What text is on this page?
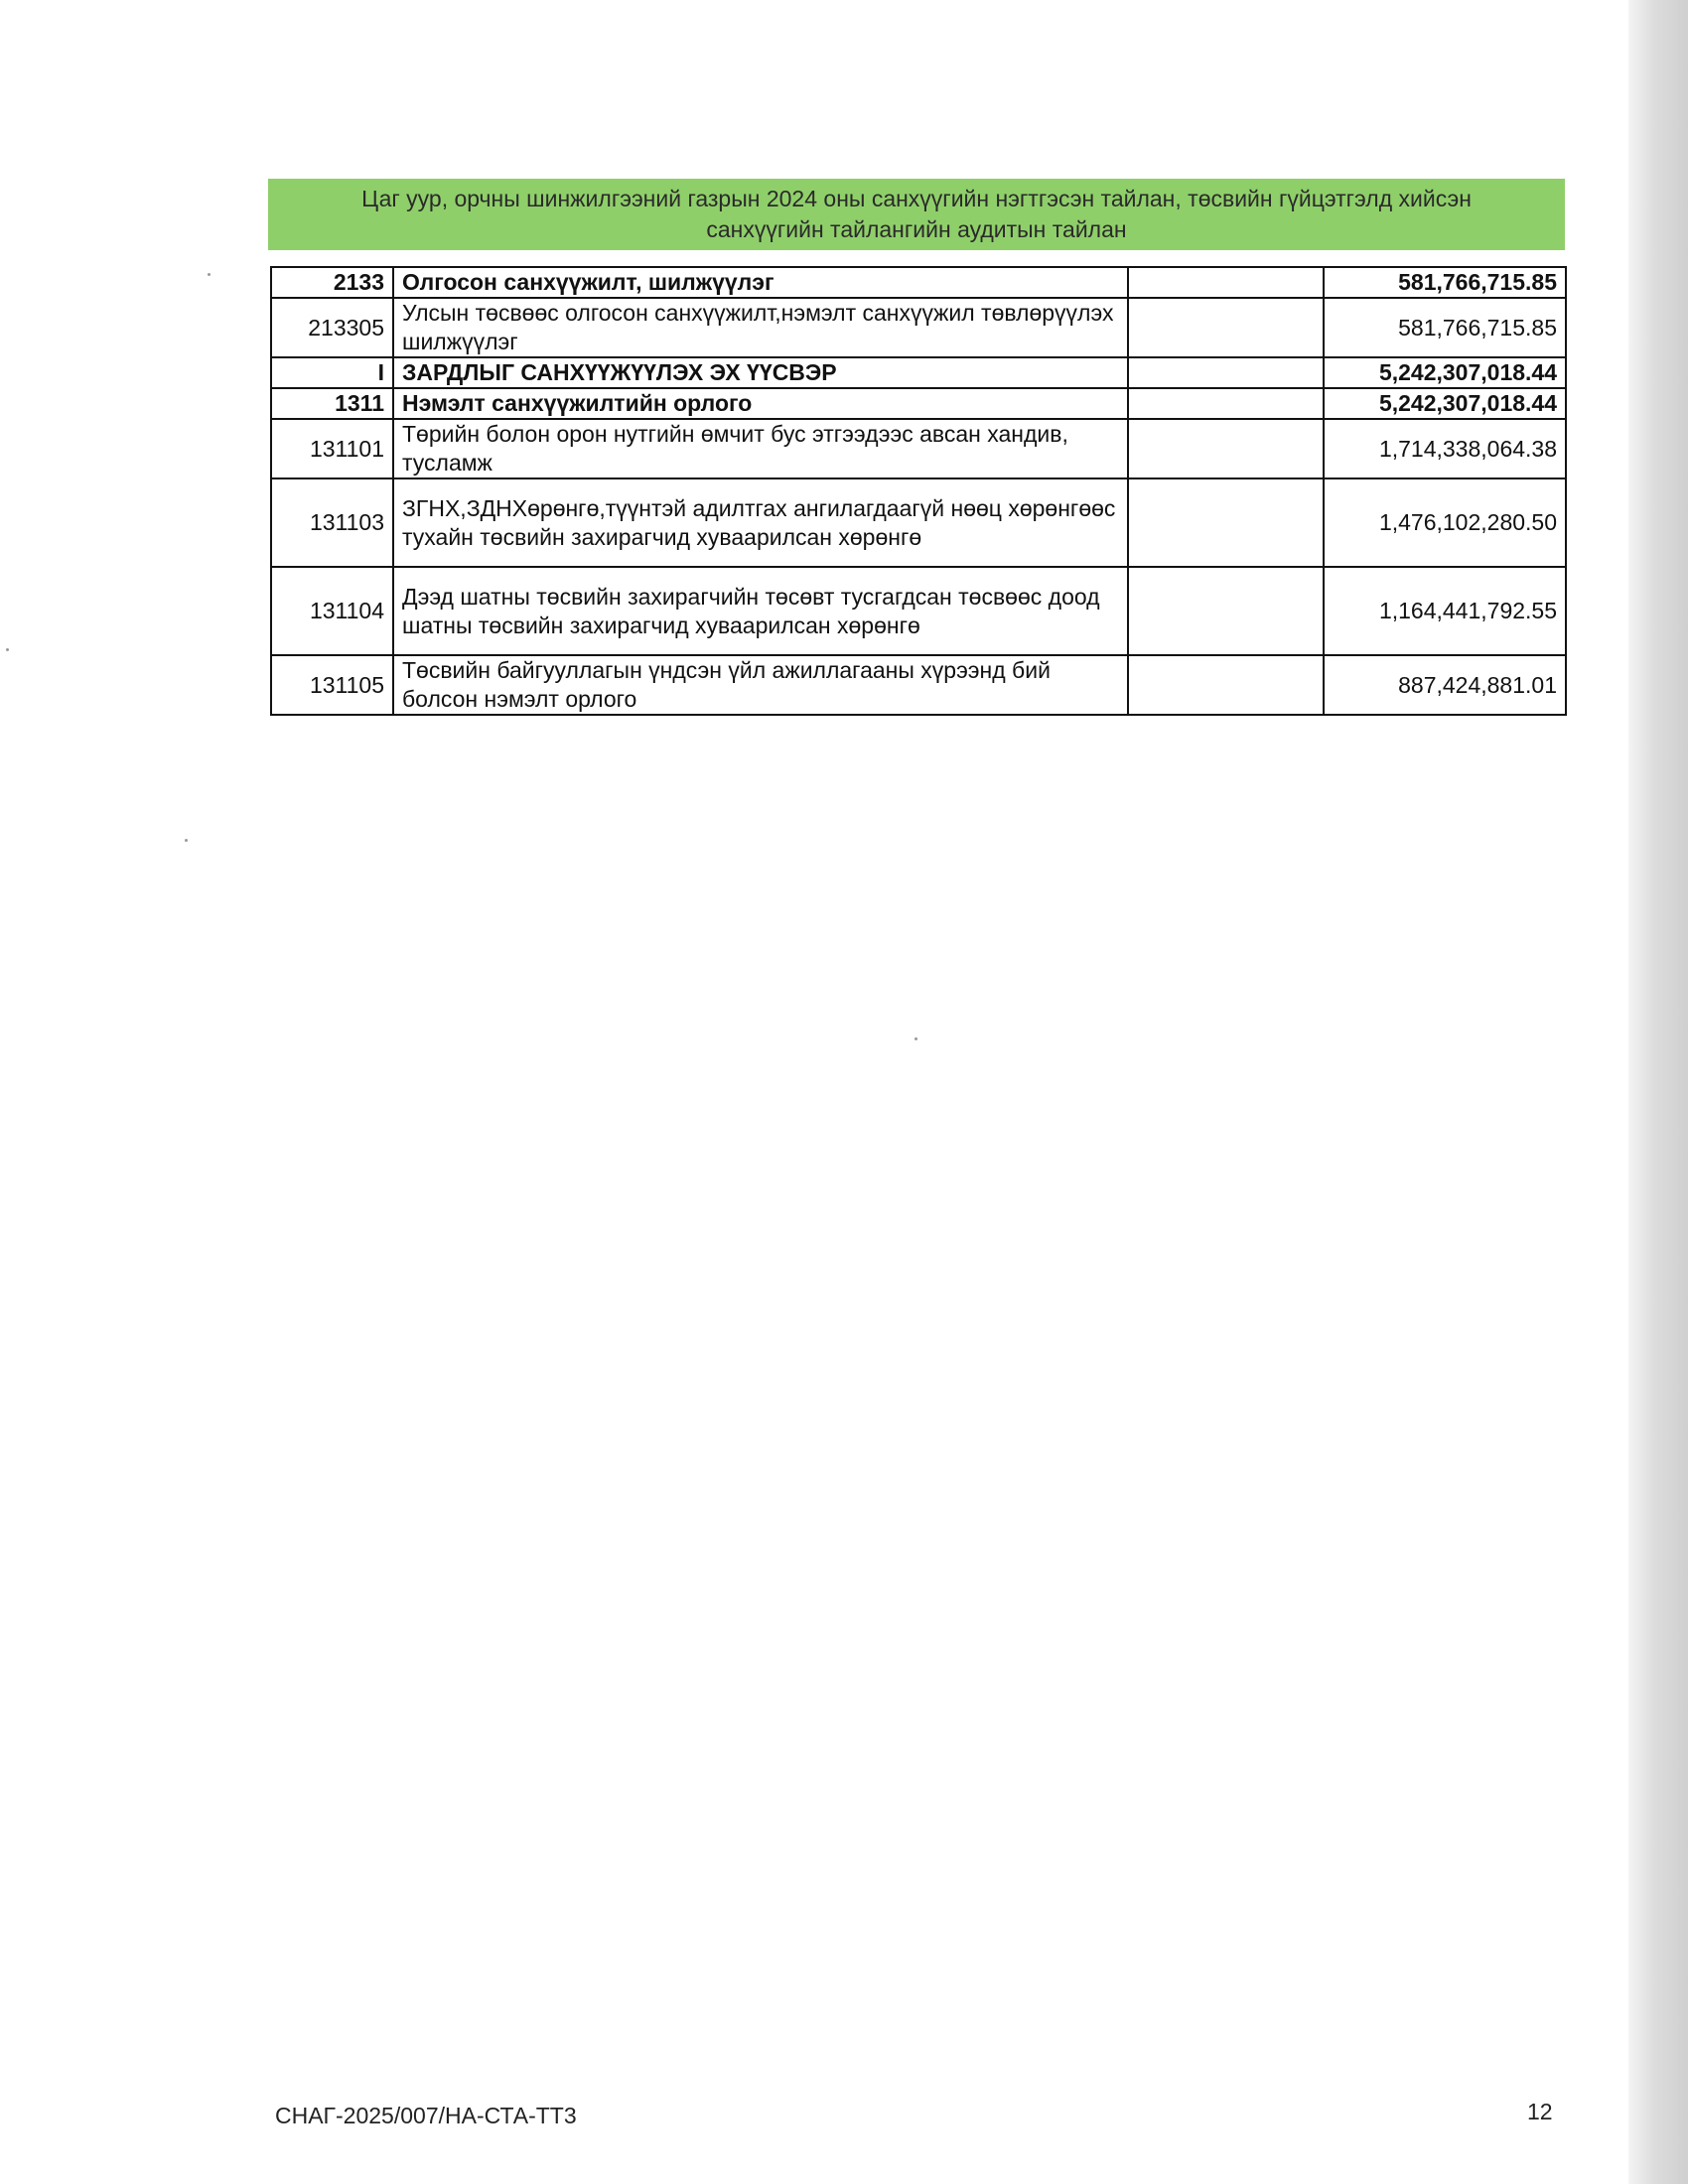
Цаг уур, орчны шинжилгээний газрын 2024 оны санхүүгийн нэгтгэсэн тайлан, төсвийн гүйцэтгэлд хийсэн санхүүгийн тайлангийн аудитын тайлан
2133	Олгосон санхүүжилт, шилжүүлэг		581,766,715.85
213305	Улсын төсвөөс олгосон санхүүжилт,нэмэлт санхүүжил төвлөрүүлэх шилжүүлэг		581,766,715.85
I	ЗАРДЛЫГ САНХҮҮЖҮҮЛЭХ ЭХ ҮҮСВЭР		5,242,307,018.44
1311	Нэмэлт санхүүжилтийн орлого		5,242,307,018.44
131101	Төрийн болон орон нутгийн өмчит бус этгээдээс авсан хандив, тусламж		1,714,338,064.38
131103	ЗГНХ,ЗДНХөрөнгө,түүнтэй адилтгах ангилагдаагүй нөөц хөрөнгөөс тухайн төсвийн захирагчид хуваарилсан хөрөнгө		1,476,102,280.50
131104	Дээд шатны төсвийн захирагчийн төсөвт тусгагдсан төсвөөс доод шатны төсвийн захирагчид хуваарилсан хөрөнгө		1,164,441,792.55
131105	Төсвийн байгууллагын үндсэн үйл ажиллагааны хүрээнд бий болсон нэмэлт орлого		887,424,881.01
СНАГ-2025/007/НА-СТА-ТТ3	12
